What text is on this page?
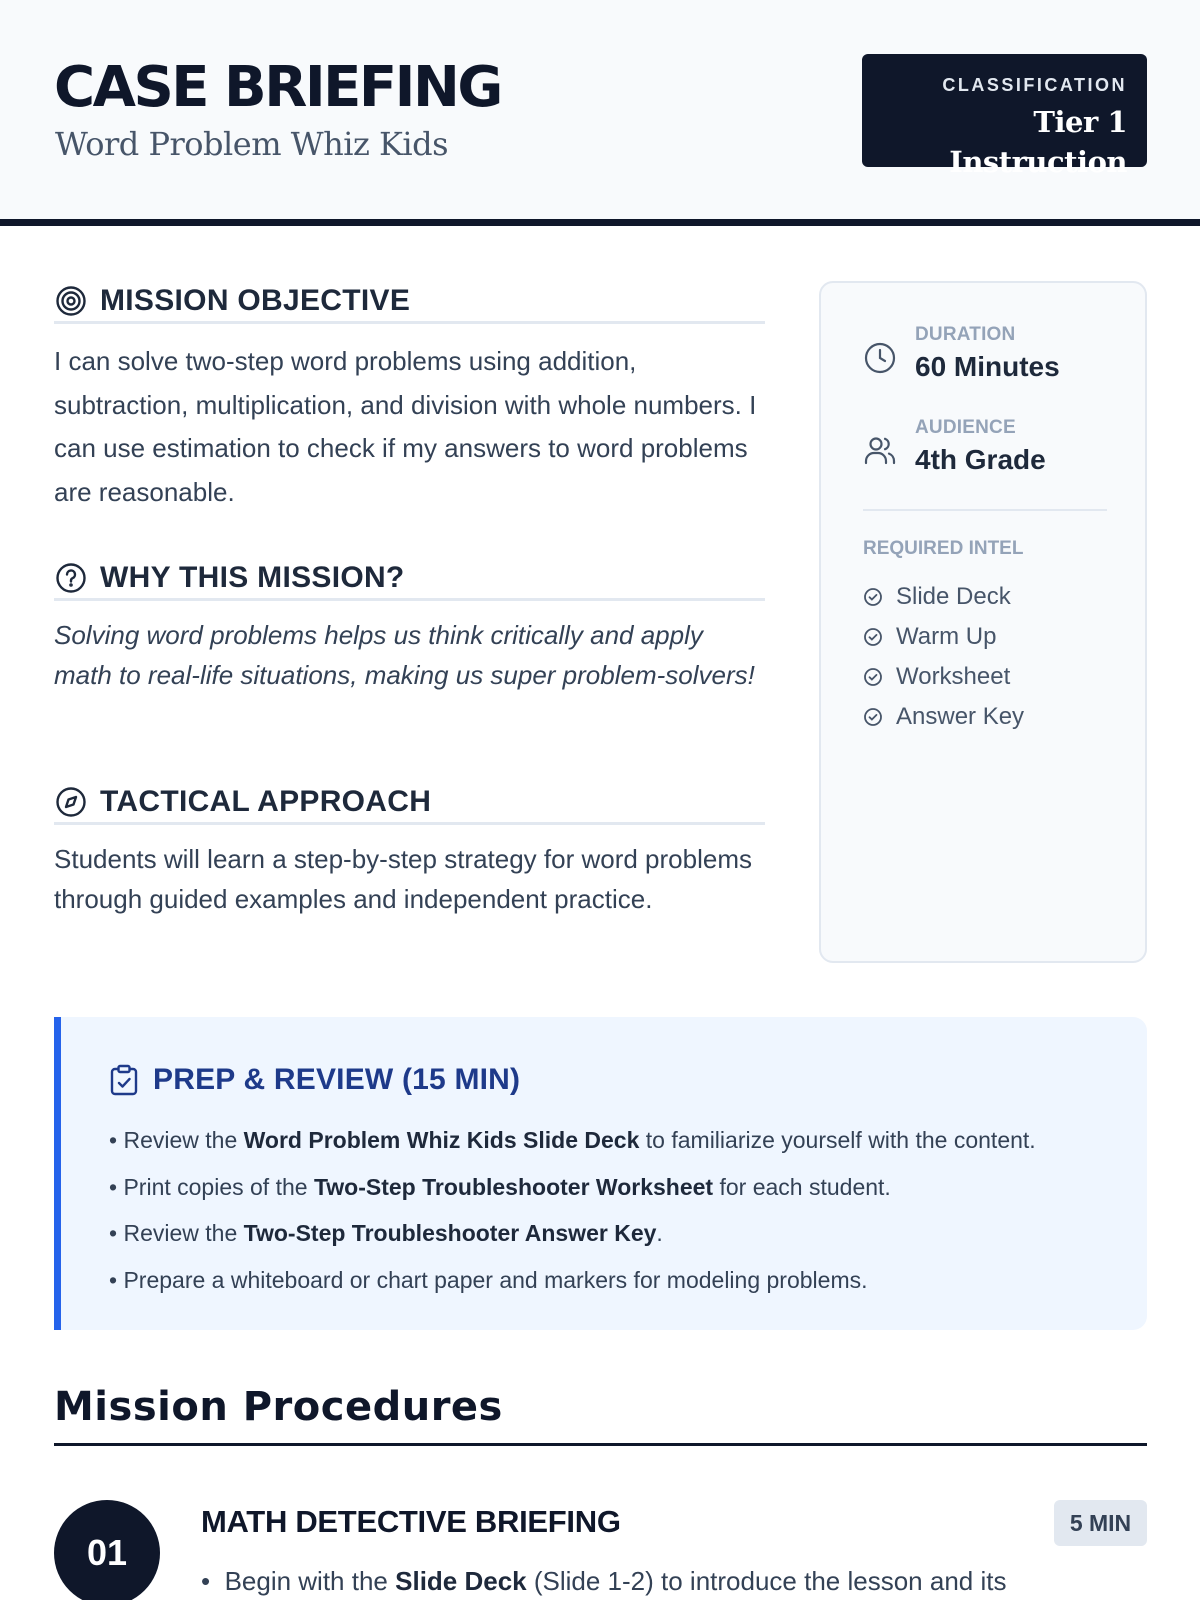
CASE BRIEFING
Word Problem Whiz Kids
CLASSIFICATION
Tier 1 Instruction
MISSION OBJECTIVE

I can solve two-step word problems using addition, subtraction, multiplication, and division with whole numbers. I can use estimation to check if my answers to word problems are reasonable.

WHY THIS MISSION?

Solving word problems helps us think critically and apply math to real-life situations, making us super problem-solvers!

TACTICAL APPROACH

Students will learn a step-by-step strategy for word problems through guided examples and independent practice.

DURATION
60 Minutes
AUDIENCE
4th Grade
REQUIRED INTEL
Slide Deck
Warm Up
Worksheet
Answer Key
PREP & REVIEW (15 MIN)
• Review the Word Problem Whiz Kids Slide Deck to familiarize yourself with the content.
• Print copies of the Two-Step Troubleshooter Worksheet for each student.
• Review the Two-Step Troubleshooter Answer Key.
• Prepare a whiteboard or chart paper and markers for modeling problems.
Mission Procedures
01
MATH DETECTIVE BRIEFING	5 MIN
•  Begin with the Slide Deck (Slide 1-2) to introduce the lesson and its
